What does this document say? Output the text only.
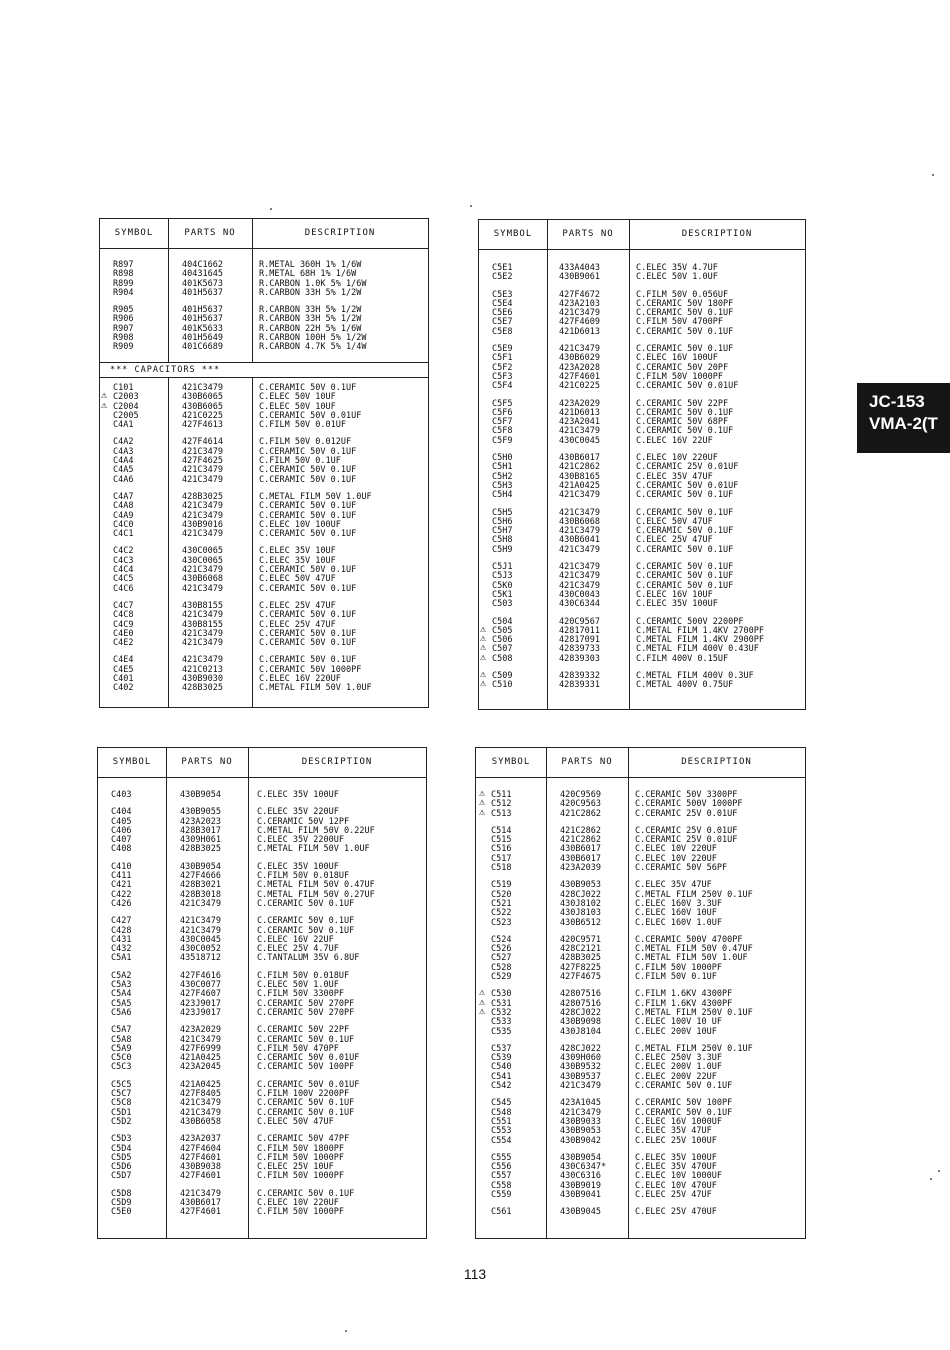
SYMBOL	PARTS NO	DESCRIPTION
R897	404C1662	R.METAL 360H 1% 1/6W
R898	40431645	R.METAL 68H 1% 1/6W
R899	401K5673	R.CARBON 1.0K 5% 1/6W
R904	401H5637	R.CARBON 33H 5% 1/2W
R905	401H5637	R.CARBON 33H 5% 1/2W
R906	401H5637	R.CARBON 33H 5% 1/2W
R907	401K5633	R.CARBON 22H 5% 1/6W
R908	401H5649	R.CARBON 100H 5% 1/2W
R909	401C6689	R.CARBON 4.7K 5% 1/4W
*** CAPACITORS ***
C101	421C3479	C.CERAMIC 50V 0.1UF
⚠ C2003	430B6065	C.ELEC 50V 10UF
⚠ C2004	430B6065	C.ELEC 50V 10UF
C2005	421C0225	C.CERAMIC 50V 0.01UF
C4A1	427F4613	C.FILM 50V 0.01UF
C4A2	427F4614	C.FILM 50V 0.012UF
C4A3	421C3479	C.CERAMIC 50V 0.1UF
C4A4	427F4625	C.FILM 50V 0.1UF
C4A5	421C3479	C.CERAMIC 50V 0.1UF
C4A6	421C3479	C.CERAMIC 50V 0.1UF
C4A7	428B3025	C.METAL FILM 50V 1.0UF
C4A8	421C3479	C.CERAMIC 50V 0.1UF
C4A9	421C3479	C.CERAMIC 50V 0.1UF
C4C0	430B9016	C.ELEC 10V 100UF
C4C1	421C3479	C.CERAMIC 50V 0.1UF
C4C2	430C0065	C.ELEC 35V 10UF
C4C3	430C0065	C.ELEC 35V 10UF
C4C4	421C3479	C.CERAMIC 50V 0.1UF
C4C5	430B6068	C.ELEC 50V 47UF
C4C6	421C3479	C.CERAMIC 50V 0.1UF
C4C7	430B8155	C.ELEC 25V 47UF
C4C8	421C3479	C.CERAMIC 50V 0.1UF
C4C9	430B8155	C.ELEC 25V 47UF
C4E0	421C3479	C.CERAMIC 50V 0.1UF
C4E2	421C3479	C.CERAMIC 50V 0.1UF
C4E4	421C3479	C.CERAMIC 50V 0.1UF
C4E5	421C0213	C.CERAMIC 50V 1000PF
C401	430B9030	C.ELEC 16V 220UF
C402	428B3025	C.METAL FILM 50V 1.0UF
SYMBOL	PARTS NO	DESCRIPTION
C5E1	433A4043	C.ELEC 35V 4.7UF
C5E2	430B9061	C.ELEC 50V 1.0UF
C5E3	427F4672	C.FILM 50V 0.056UF
C5E4	423A2103	C.CERAMIC 50V 180PF
C5E6	421C3479	C.CERAMIC 50V 0.1UF
C5E7	427F4609	C.FILM 50V 4700PF
C5E8	421D6013	C.CERAMIC 50V 0.1UF
C5E9	421C3479	C.CERAMIC 50V 0.1UF
C5F1	430B6029	C.ELEC 16V 100UF
C5F2	423A2028	C.CERAMIC 50V 20PF
C5F3	427F4601	C.FILM 50V 1000PF
C5F4	421C0225	C.CERAMIC 50V 0.01UF
C5F5	423A2029	C.CERAMIC 50V 22PF
C5F6	421D6013	C.CERAMIC 50V 0.1UF
C5F7	423A2041	C.CERAMIC 50V 68PF
C5F8	421C3479	C.CERAMIC 50V 0.1UF
C5F9	430C0045	C.ELEC 16V 22UF
C5H0	430B6017	C.ELEC 10V 220UF
C5H1	421C2862	C.CERAMIC 25V 0.01UF
C5H2	430B8165	C.ELEC 35V 47UF
C5H3	421A0425	C.CERAMIC 50V 0.01UF
C5H4	421C3479	C.CERAMIC 50V 0.1UF
C5H5	421C3479	C.CERAMIC 50V 0.1UF
C5H6	430B6068	C.ELEC 50V 47UF
C5H7	421C3479	C.CERAMIC 50V 0.1UF
C5H8	430B6041	C.ELEC 25V 47UF
C5H9	421C3479	C.CERAMIC 50V 0.1UF
C5J1	421C3479	C.CERAMIC 50V 0.1UF
C5J3	421C3479	C.CERAMIC 50V 0.1UF
C5K0	421C3479	C.CERAMIC 50V 0.1UF
C5K1	430C0043	C.ELEC 16V 10UF
C503	430C6344	C.ELEC 35V 100UF
C504	420C9567	C.CERAMIC 500V 2200PF
⚠ C505	42817011	C.METAL FILM 1.4KV 2700PF
⚠ C506	42817091	C.METAL FILM 1.4KV 2900PF
⚠ C507	42839733	C.METAL FILM 400V 0.43UF
⚠ C508	42839303	C.FILM 400V 0.15UF
⚠ C509	42839332	C.METAL FILM 400V 0.3UF
⚠ C510	42839331	C.METAL 400V 0.75UF
SYMBOL	PARTS NO	DESCRIPTION
C403	430B9054	C.ELEC 35V 100UF
C404	430B9055	C.ELEC 35V 220UF
C405	423A2023	C.CERAMIC 50V 12PF
C406	428B3017	C.METAL FILM 50V 0.22UF
C407	4309H061	C.ELEC 35V 2200UF
C408	428B3025	C.METAL FILM 50V 1.0UF
C410	430B9054	C.ELEC 35V 100UF
C411	427F4666	C.FILM 50V 0.018UF
C421	428B3021	C.METAL FILM 50V 0.47UF
C422	428B3018	C.METAL FILM 50V 0.27UF
C426	421C3479	C.CERAMIC 50V 0.1UF
C427	421C3479	C.CERAMIC 50V 0.1UF
C428	421C3479	C.CERAMIC 50V 0.1UF
C431	430C0045	C.ELEC 16V 22UF
C432	430C0052	C.ELEC 25V 4.7UF
C5A1	43518712	C.TANTALUM 35V 6.8UF
C5A2	427F4616	C.FILM 50V 0.018UF
C5A3	430C0077	C.ELEC 50V 1.0UF
C5A4	427F4607	C.FILM 50V 3300PF
C5A5	423J9017	C.CERAMIC 50V 270PF
C5A6	423J9017	C.CERAMIC 50V 270PF
C5A7	423A2029	C.CERAMIC 50V 22PF
C5A8	421C3479	C.CERAMIC 50V 0.1UF
C5A9	427F6999	C.FILM 50V 470PF
C5C0	421A0425	C.CERAMIC 50V 0.01UF
C5C3	423A2045	C.CERAMIC 50V 100PF
C5C5	421A0425	C.CERAMIC 50V 0.01UF
C5C7	427F8405	C.FILM 100V 2200PF
C5C8	421C3479	C.CERAMIC 50V 0.1UF
C5D1	421C3479	C.CERAMIC 50V 0.1UF
C5D2	430B6058	C.ELEC 50V 47UF
C5D3	423A2037	C.CERAMIC 50V 47PF
C5D4	427F4604	C.FILM 50V 1800PF
C5D5	427F4601	C.FILM 50V 1000PF
C5D6	430B9038	C.ELEC 25V 10UF
C5D7	427F4601	C.FILM 50V 1000PF
C5D8	421C3479	C.CERAMIC 50V 0.1UF
C5D9	430B6017	C.ELEC 10V 220UF
C5E0	427F4601	C.FILM 50V 1000PF
SYMBOL	PARTS NO	DESCRIPTION
⚠ C511	420C9569	C.CERAMIC 50V 3300PF
⚠ C512	420C9563	C.CERAMIC 500V 1000PF
⚠ C513	421C2862	C.CERAMIC 25V 0.01UF
C514	421C2862	C.CERAMIC 25V 0.01UF
C515	421C2862	C.CERAMIC 25V 0.01UF
C516	430B6017	C.ELEC 10V 220UF
C517	430B6017	C.ELEC 10V 220UF
C518	423A2039	C.CERAMIC 50V 56PF
C519	430B9053	C.ELEC 35V 47UF
C520	428CJ022	C.METAL FILM 250V 0.1UF
C521	430J8102	C.ELEC 160V 3.3UF
C522	430J8103	C.ELEC 160V 10UF
C523	430B6512	C.ELEC 160V 1.0UF
C524	420C9571	C.CERAMIC 500V 4700PF
C526	428C2121	C.METAL FILM 50V 0.47UF
C527	428B3025	C.METAL FILM 50V 1.0UF
C528	427F8225	C.FILM 50V 1000PF
C529	427F4675	C.FILM 50V 0.1UF
⚠ C530	42807516	C.FILM 1.6KV 4300PF
⚠ C531	42807516	C.FILM 1.6KV 4300PF
⚠ C532	428CJ022	C.METAL FILM 250V 0.1UF
C533	430B9098	C.ELEC 100V 10 UF
C535	430J8104	C.ELEC 200V 10UF
C537	428CJ022	C.METAL FILM 250V 0.1UF
C539	4309H060	C.ELEC 250V 3.3UF
C540	430B9532	C.ELEC 200V 1.0UF
C541	430B9537	C.ELEC 200V 22UF
C542	421C3479	C.CERAMIC 50V 0.1UF
C545	423A1045	C.CERAMIC 50V 100PF
C548	421C3479	C.CERAMIC 50V 0.1UF
C551	430B9033	C.ELEC 16V 1000UF
C553	430B9053	C.ELEC 35V 47UF
C554	430B9042	C.ELEC 25V 100UF
C555	430B9054	C.ELEC 35V 100UF
C556	430C6347*	C.ELEC 35V 470UF
C557	430C6316	C.ELEC 10V 1000UF
C558	430B9019	C.ELEC 10V 470UF
C559	430B9041	C.ELEC 25V 47UF
C561	430B9045	C.ELEC 25V 470UF
JC-153
VMA-2(T
113
